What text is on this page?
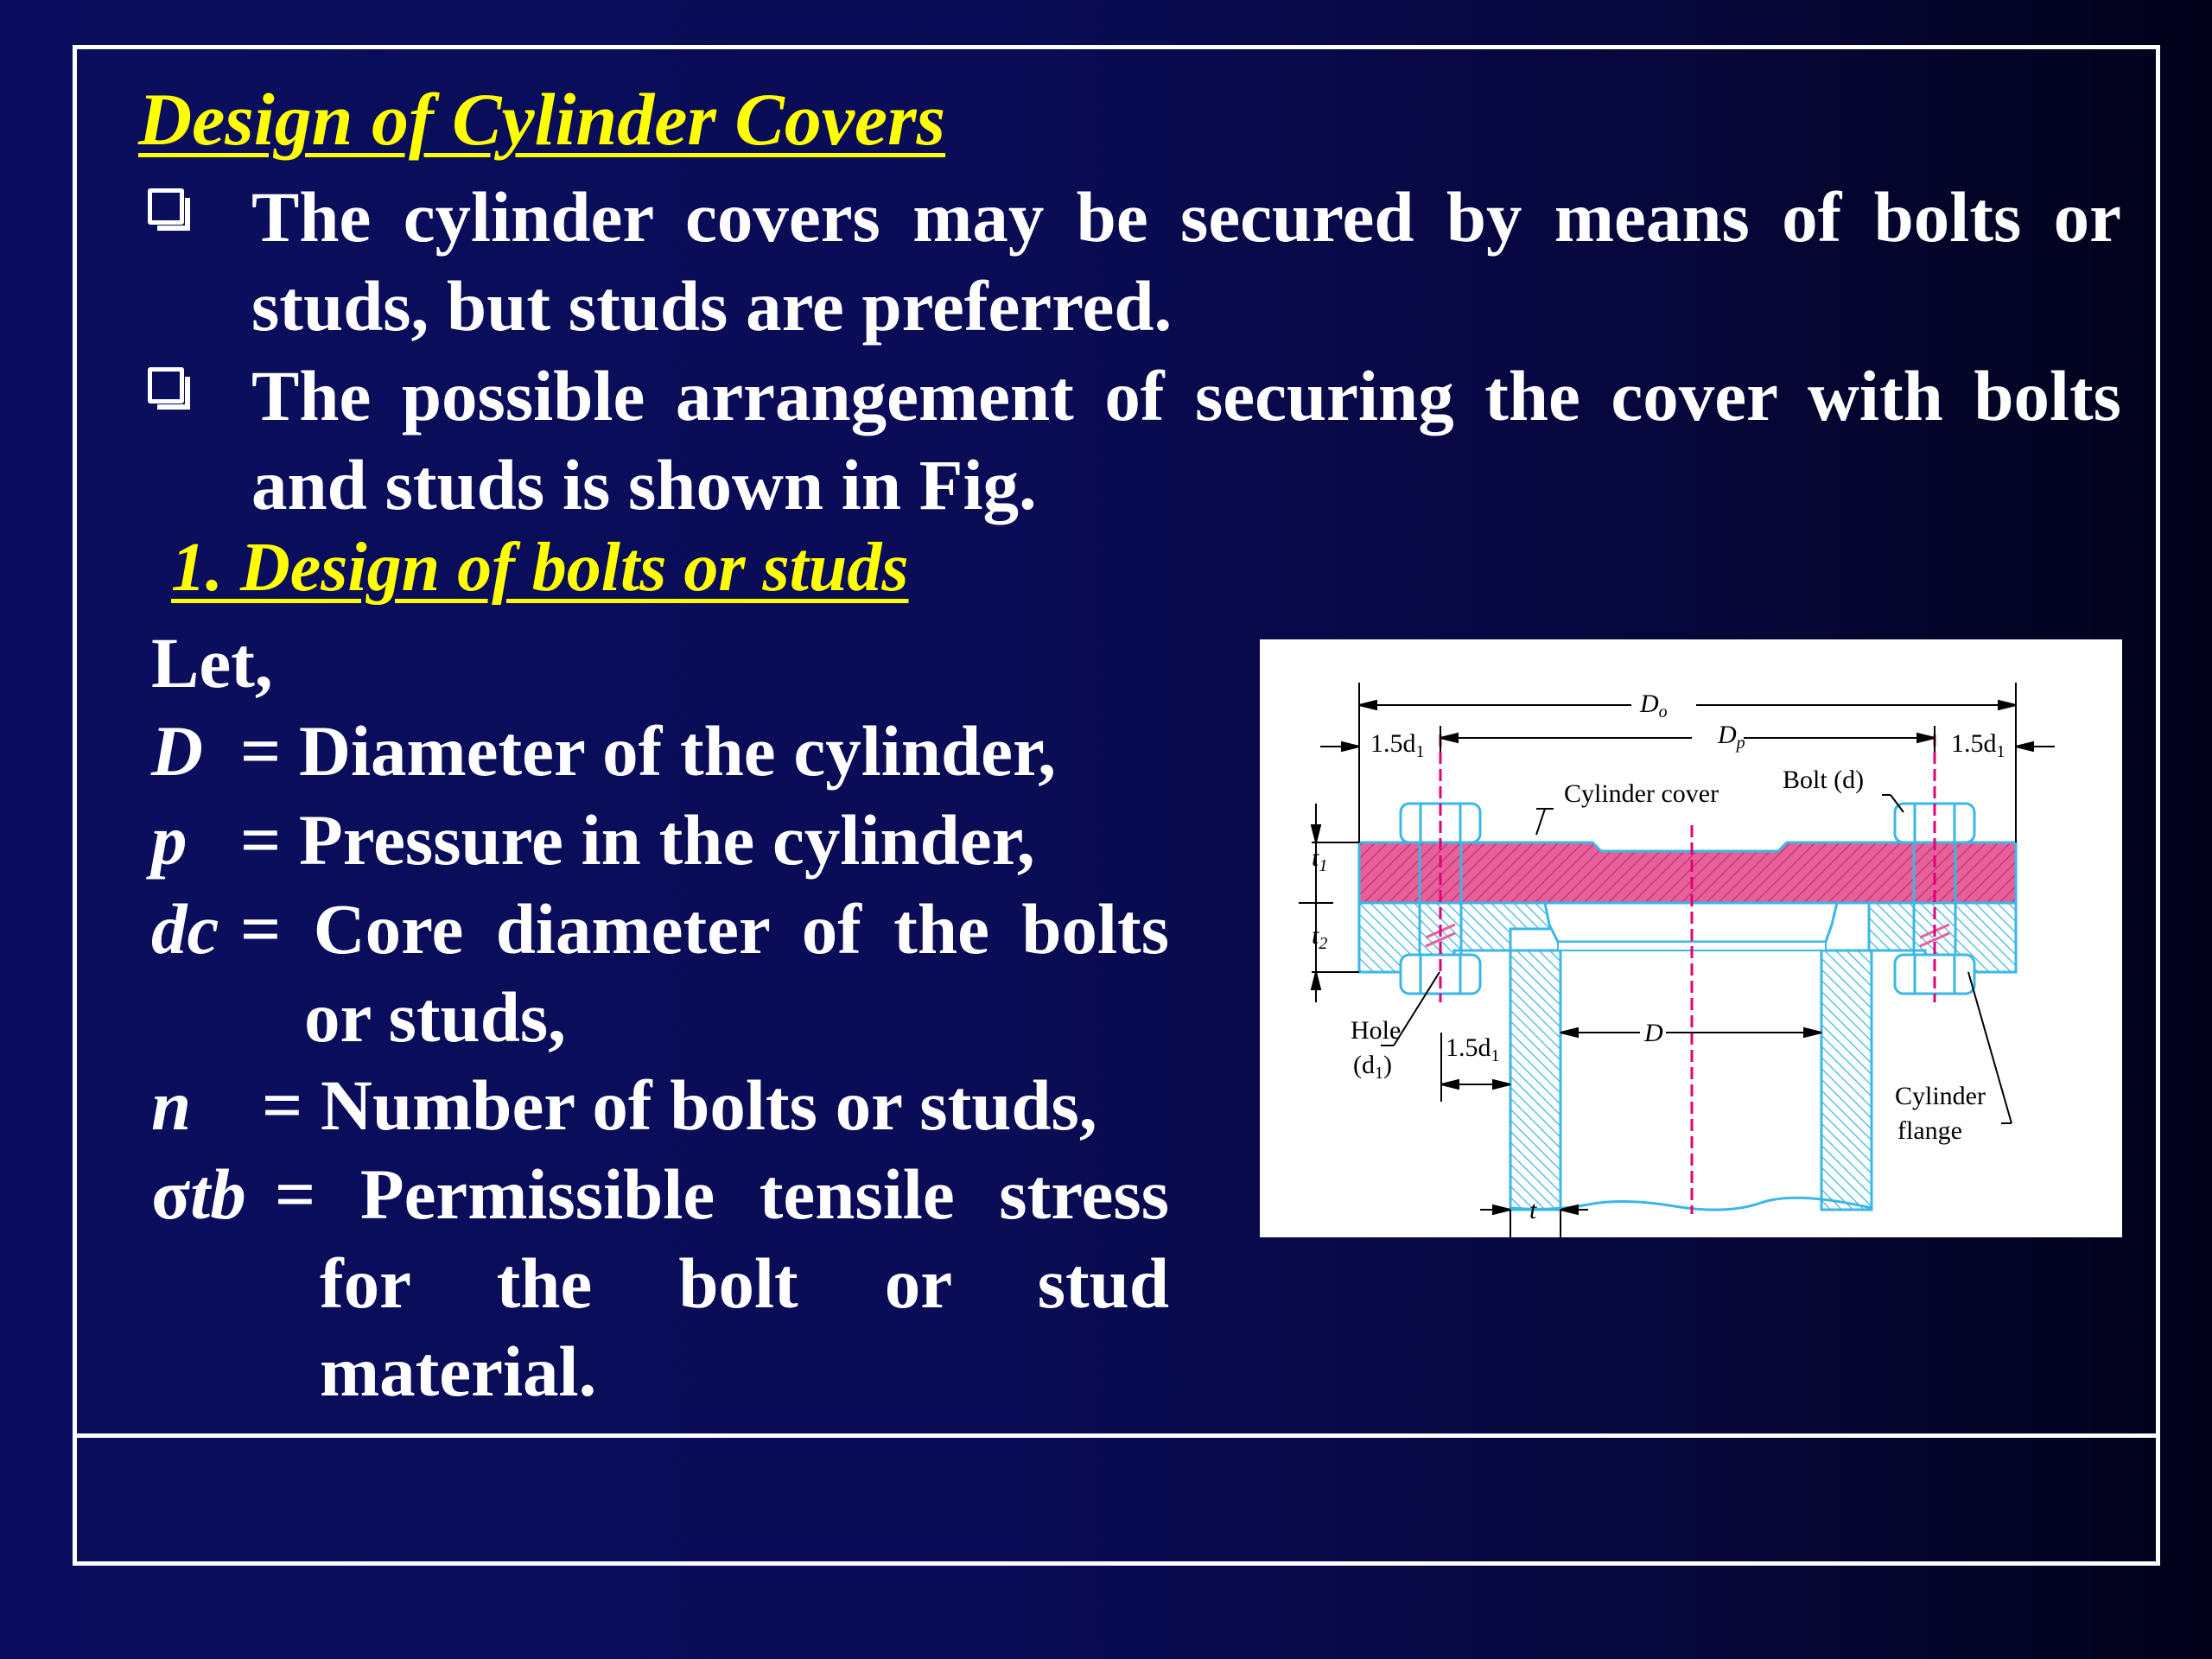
Design of Cylinder Covers
The cylinder covers may be secured by means of bolts or studs, but studs are preferred.
The possible arrangement of securing the cover with bolts and studs is shown in Fig.
1. Design of bolts or studs
Let,
D = Diameter of the cylinder,
p = Pressure in the cylinder,
dc = Core diameter of the bolts
or studs,
n = Number of bolts or studs,
σtb = Permissible tensile stress
for the bolt or stud
material.
$D_o$
$D_p$
$1.5d_1$	$1.5d_1$
Cylinder cover Bolt (d)
$t_1$
$t_2$
Hole
$(d_1)$
$1.5d_1$
D
Cylinder
flange
t
